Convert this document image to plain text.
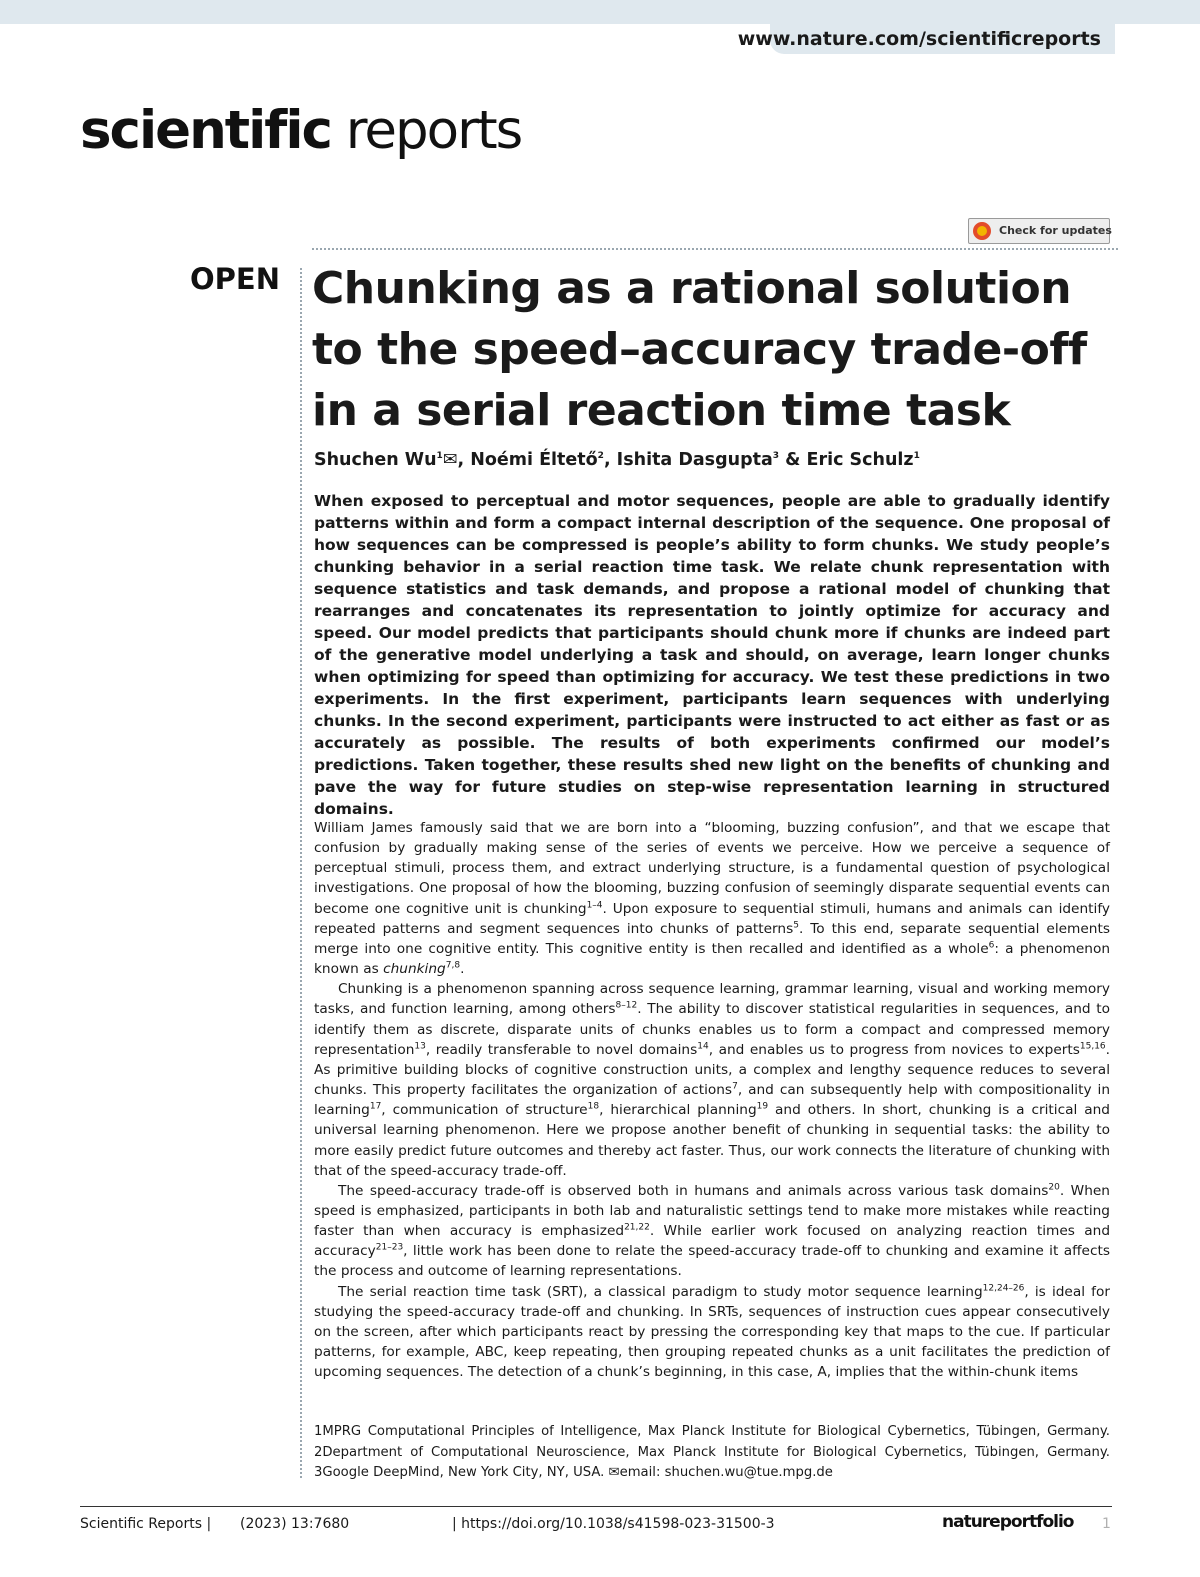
www.nature.com/scientificreports
scientific reports
Check for updates
OPEN Chunking as a rational solution to the speed–accuracy trade-off in a serial reaction time task
Shuchen Wu$^1$✉, Noémi Éltető$^2$, Ishita Dasgupta$^3$ & Eric Schulz$^1$

When exposed to perceptual and motor sequences, people are able to gradually identify patterns within and form a compact internal description of the sequence. One proposal of how sequences can be compressed is people’s ability to form chunks. We study people’s chunking behavior in a serial reaction time task. We relate chunk representation with sequence statistics and task demands, and propose a rational model of chunking that rearranges and concatenates its representation to jointly optimize for accuracy and speed. Our model predicts that participants should chunk more if chunks are indeed part of the generative model underlying a task and should, on average, learn longer chunks when optimizing for speed than optimizing for accuracy. We test these predictions in two experiments. In the first experiment, participants learn sequences with underlying chunks. In the second experiment, participants were instructed to act either as fast or as accurately as possible. The results of both experiments confirmed our model’s predictions. Taken together, these results shed new light on the benefits of chunking and pave the way for future studies on step-wise representation learning in structured domains.

William James famously said that we are born into a “blooming, buzzing confusion”, and that we escape that confusion by gradually making sense of the series of events we perceive. How we perceive a sequence of perceptual stimuli, process them, and extract underlying structure, is a fundamental question of psychological investigations. One proposal of how the blooming, buzzing confusion of seemingly disparate sequential events can become one cognitive unit is chunking$^{1-4}$. Upon exposure to sequential stimuli, humans and animals can identify repeated patterns and segment sequences into chunks of patterns$^5$. To this end, separate sequential elements merge into one cognitive entity. This cognitive entity is then recalled and identified as a whole$^6$: a phenomenon known as chunking$^{7,8}$.

Chunking is a phenomenon spanning across sequence learning, grammar learning, visual and working memory tasks, and function learning, among others$^{8-12}$. The ability to discover statistical regularities in sequences, and to identify them as discrete, disparate units of chunks enables us to form a compact and compressed memory representation$^{13}$, readily transferable to novel domains$^{14}$, and enables us to progress from novices to experts$^{15,16}$. As primitive building blocks of cognitive construction units, a complex and lengthy sequence reduces to several chunks. This property facilitates the organization of actions$^7$, and can subsequently help with compositionality in learning$^{17}$, communication of structure$^{18}$, hierarchical planning$^{19}$ and others. In short, chunking is a critical and universal learning phenomenon. Here we propose another benefit of chunking in sequential tasks: the ability to more easily predict future outcomes and thereby act faster. Thus, our work connects the literature of chunking with that of the speed-accuracy trade-off.

The speed-accuracy trade-off is observed both in humans and animals across various task domains$^{20}$. When speed is emphasized, participants in both lab and naturalistic settings tend to make more mistakes while reacting faster than when accuracy is emphasized$^{21,22}$. While earlier work focused on analyzing reaction times and accuracy$^{21-23}$, little work has been done to relate the speed-accuracy trade-off to chunking and examine it affects the process and outcome of learning representations.

The serial reaction time task (SRT), a classical paradigm to study motor sequence learning$^{12,24-26}$, is ideal for studying the speed-accuracy trade-off and chunking. In SRTs, sequences of instruction cues appear consecutively on the screen, after which participants react by pressing the corresponding key that maps to the cue. If particular patterns, for example, ABC, keep repeating, then grouping repeated chunks as a unit facilitates the prediction of upcoming sequences. The detection of a chunk’s beginning, in this case, A, implies that the within-chunk items

1MPRG Computational Principles of Intelligence, Max Planck Institute for Biological Cybernetics, Tübingen, Germany. 2Department of Computational Neuroscience, Max Planck Institute for Biological Cybernetics, Tübingen, Germany. 3Google DeepMind, New York City, NY, USA. ✉email: shuchen.wu@tue.mpg.de

Scientific Reports | (2023) 13:7680	| https://doi.org/10.1038/s41598-023-31500-3	natureportfolio 1
